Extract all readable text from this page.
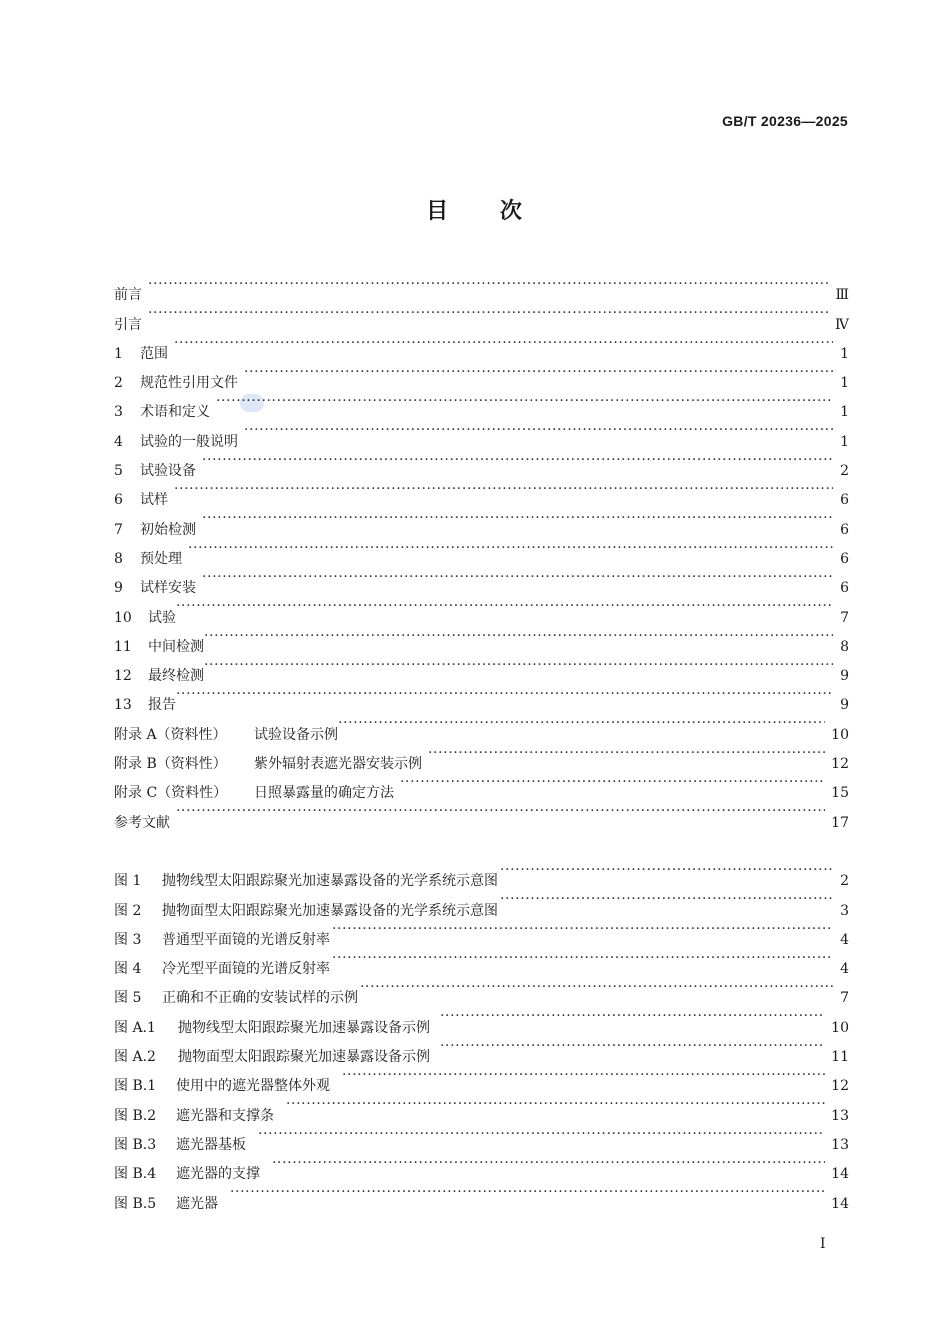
GB/T 20236—2025
目 次
前言 ·····	Ⅲ
引言 ·····	Ⅳ
1	范围 ·····	1
2	规范性引用文件 ·····	1
3	术语和定义 ·····	1
4	试验的一般说明 ·····	1
5	试验设备 ·····	2
6	试样 ·····	6
7	初始检测 ·····	6
8	预处理 ·····	6
9	试样安装 ·····	6
10	试验 ·····	7
11	中间检测 ·····	8
12	最终检测 ·····	9
13	报告 ·····	9
附录 A（资料性）	试验设备示例 ·····	10
附录 B（资料性）	紫外辐射表遮光器安装示例 ·····	12
附录 C（资料性）	日照暴露量的确定方法 ·····	15
参考文献 ·····	17
图 1	抛物线型太阳跟踪聚光加速暴露设备的光学系统示意图 ·····	2
图 2	抛物面型太阳跟踪聚光加速暴露设备的光学系统示意图 ·····	3
图 3	普通型平面镜的光谱反射率 ·····	4
图 4	冷光型平面镜的光谱反射率 ·····	4
图 5	正确和不正确的安装试样的示例 ·····	7
图 A.1	抛物线型太阳跟踪聚光加速暴露设备示例 ·····	10
图 A.2	抛物面型太阳跟踪聚光加速暴露设备示例 ·····	11
图 B.1	使用中的遮光器整体外观 ·····	12
图 B.2	遮光器和支撑条 ·····	13
图 B.3	遮光器基板 ·····	13
图 B.4	遮光器的支撑 ·····	14
图 B.5	遮光器 ·····	14
I
